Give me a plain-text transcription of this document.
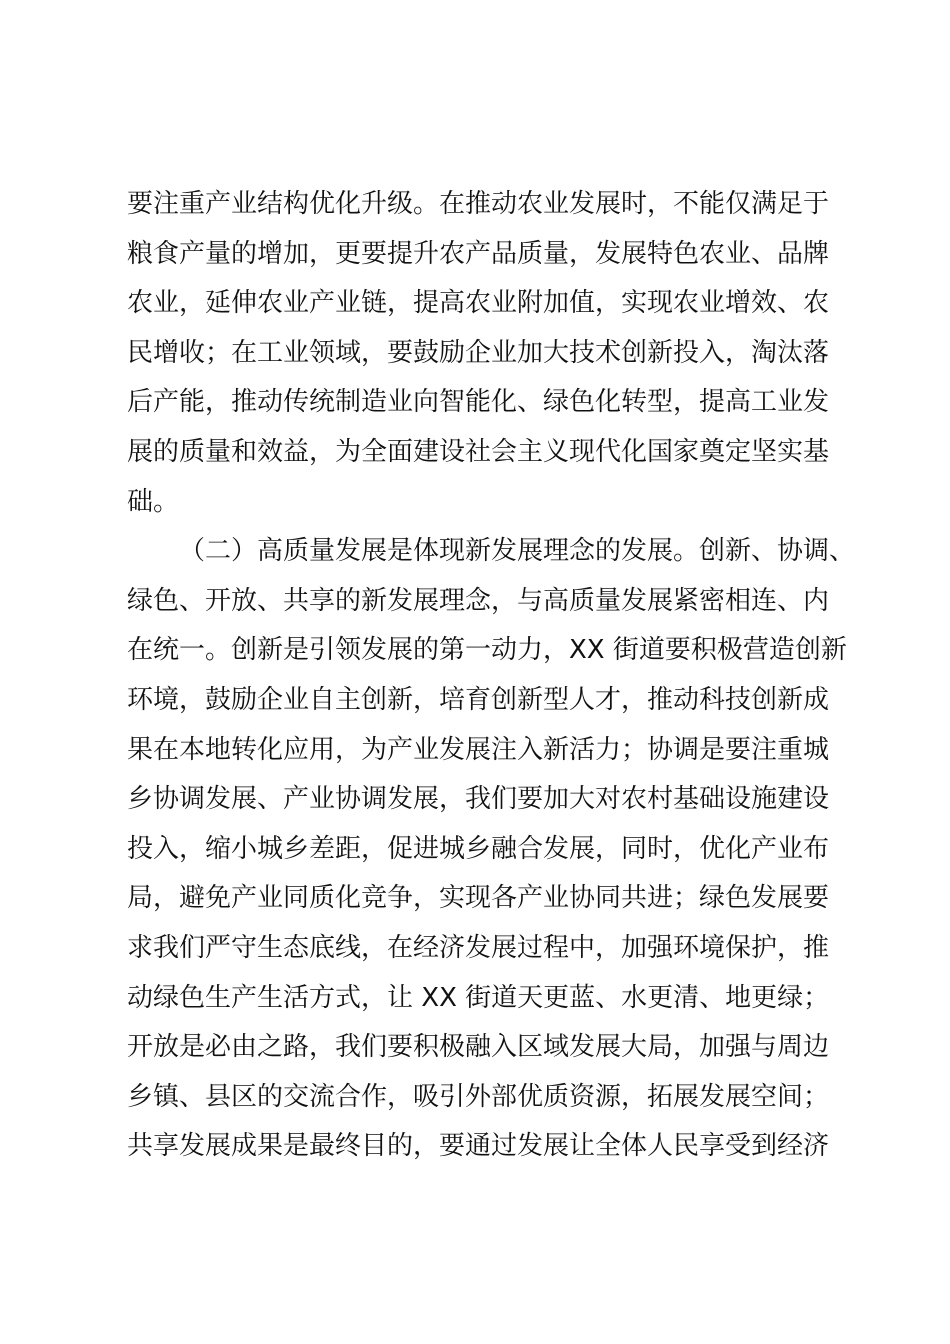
要注重产业结构优化升级。在推动农业发展时，不能仅满足于
粮食产量的增加，更要提升农产品质量，发展特色农业、品牌
农业，延伸农业产业链，提高农业附加值，实现农业增效、农
民增收；在工业领域，要鼓励企业加大技术创新投入，淘汰落
后产能，推动传统制造业向智能化、绿色化转型，提高工业发
展的质量和效益，为全面建设社会主义现代化国家奠定坚实基
础。
（二）高质量发展是体现新发展理念的发展。创新、协调、
绿色、开放、共享的新发展理念，与高质量发展紧密相连、内
在统一。创新是引领发展的第一动力，XX 街道要积极营造创新
环境，鼓励企业自主创新，培育创新型人才，推动科技创新成
果在本地转化应用，为产业发展注入新活力；协调是要注重城
乡协调发展、产业协调发展，我们要加大对农村基础设施建设
投入，缩小城乡差距，促进城乡融合发展，同时，优化产业布
局，避免产业同质化竞争，实现各产业协同共进；绿色发展要
求我们严守生态底线，在经济发展过程中，加强环境保护，推
动绿色生产生活方式，让 XX 街道天更蓝、水更清、地更绿；
开放是必由之路，我们要积极融入区域发展大局，加强与周边
乡镇、县区的交流合作，吸引外部优质资源，拓展发展空间；
共享发展成果是最终目的，要通过发展让全体人民享受到经济
